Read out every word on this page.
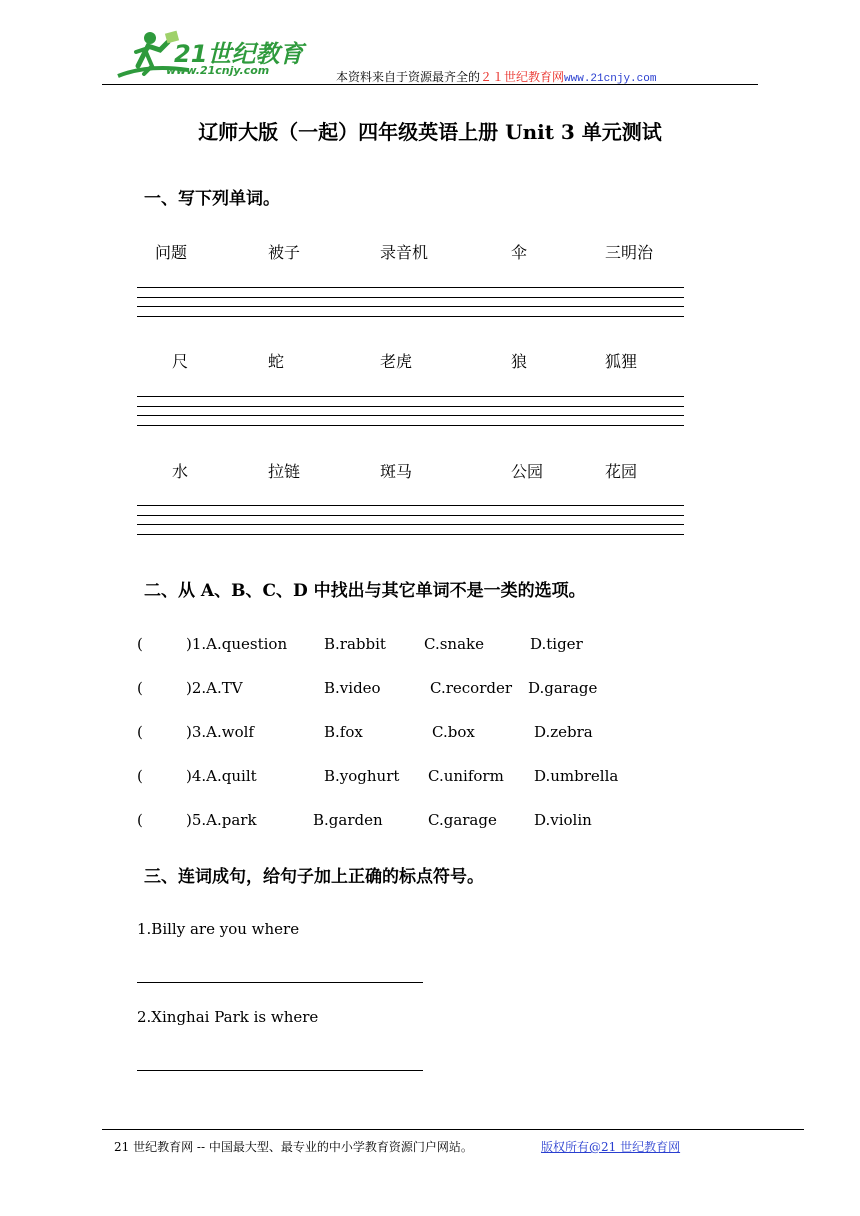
21世纪教育
www.21cnjy.com	本资料来自于资源最齐全的２１世纪教育网www.21cnjy.com
辽师大版（一起）四年级英语上册 Unit 3 单元测试
一、写下列单词。
问题	被子	录音机	伞	三明治
尺	蛇	老虎	狼	狐狸
水	拉链	斑马	公园	花园
二、从 A、B、C、D 中找出与其它单词不是一类的选项。
(	)1.A.question B.rabbit	C.snake	D.tiger
(	)2.A.TV	B.video	C.recorder D.garage
(	)3.A.wolf	B.fox	C.box	D.zebra
(	)4.A.quilt	B.yoghurt C.uniform D.umbrella
(	)5.A.park	B.garden	C.garage D.violin
三、连词成句，给句子加上正确的标点符号。
1.Billy are you where
2.Xinghai Park is where
21 世纪教育网 -- 中国最大型、最专业的中小学教育资源门户网站。	版权所有@21 世纪教育网
